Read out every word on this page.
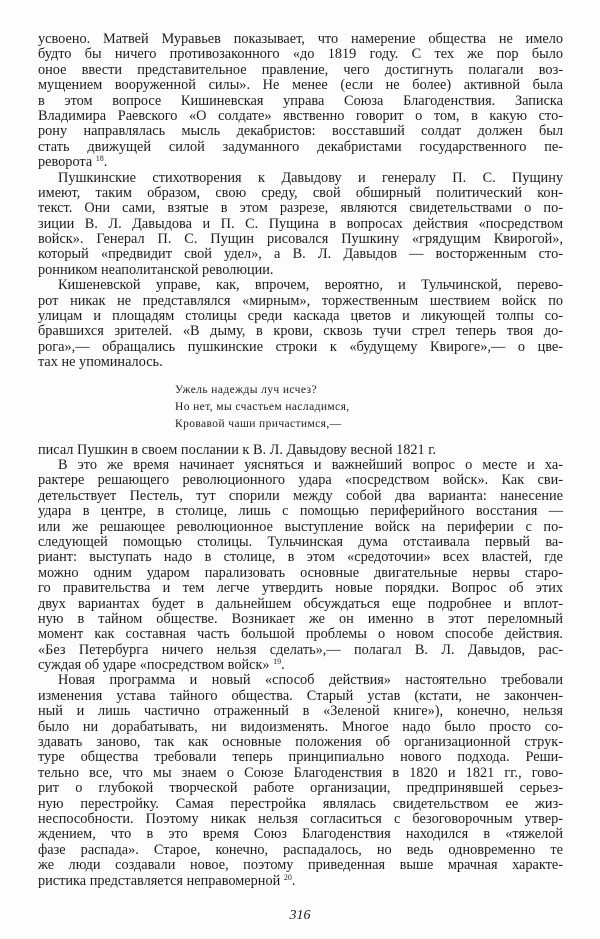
усвоено. Матвей Муравьев показывает, что намерение общества не имело
будто бы ничего противозаконного «до 1819 году. С тех же пор было
оное ввести представительное правление, чего достигнуть полагали воз-
мущением вооруженной силы». Не менее (если не более) активной была
в этом вопросе Кишиневская управа Союза Благоденствия. Записка
Владимира Раевского «О солдате» явственно говорит о том, в какую сто-
рону направлялась мысль декабристов: восставший солдат должен был
стать движущей силой задуманного декабристами государственного пе-
реворота $^{18}$.
Пушкинские стихотворения к Давыдову и генералу П. С. Пущину
имеют, таким образом, свою среду, свой обширный политический кон-
текст. Они сами, взятые в этом разрезе, являются свидетельствами о по-
зиции В. Л. Давыдова и П. С. Пущина в вопросах действия «посредством
войск». Генерал П. С. Пущин рисовался Пушкину «грядущим Квирогой»,
который «предвидит свой удел», а В. Л. Давыдов — восторженным сто-
ронником неаполитанской революции.
Кишеневской управе, как, впрочем, вероятно, и Тульчинской, перево-
рот никак не представлялся «мирным», торжественным шествием войск по
улицам и площадям столицы среди каскада цветов и ликующей толпы со-
бравшихся зрителей. «В дыму, в крови, сквозь тучи стрел теперь твоя до-
рога»,— обращались пушкинские строки к «будущему Квироге»,— о цве-
тах не упоминалось.
Ужель надежды луч исчез?
Но нет, мы счастьем насладимся,
Кровавой чаши причастимся,—
писал Пушкин в своем послании к В. Л. Давыдову весной 1821 г.
В это же время начинает уясняться и важнейший вопрос о месте и ха-
рактере решающего революционного удара «посредством войск». Как сви-
детельствует Пестель, тут спорили между собой два варианта: нанесение
удара в центре, в столице, лишь с помощью периферийного восстания —
или же решающее революционное выступление войск на периферии с по-
следующей помощью столицы. Тульчинская дума отстаивала первый ва-
риант: выступать надо в столице, в этом «средоточии» всех властей, где
можно одним ударом парализовать основные двигательные нервы старо-
го правительства и тем легче утвердить новые порядки. Вопрос об этих
двух вариантах будет в дальнейшем обсуждаться еще подробнее и вплот-
ную в тайном обществе. Возникает же он именно в этот переломный
момент как составная часть большой проблемы о новом способе действия.
«Без Петербурга ничего нельзя сделать»,— полагал В. Л. Давыдов, рас-
суждая об ударе «посредством войск» $^{19}$.
Новая программа и новый «способ действия» настоятельно требовали
изменения устава тайного общества. Старый устав (кстати, не закончен-
ный и лишь частично отраженный в «Зеленой книге»), конечно, нельзя
было ни дорабатывать, ни видоизменять. Многое надо было просто со-
здавать заново, так как основные положения об организационной струк-
туре общества требовали теперь принципиально нового подхода. Реши-
тельно все, что мы знаем о Союзе Благоденствия в 1820 и 1821 гг., гово-
рит о глубокой творческой работе организации, предпринявшей серьез-
ную перестройку. Самая перестройка являлась свидетельством ее жиз-
неспособности. Поэтому никак нельзя согласиться с безоговорочным утвер-
ждением, что в это время Союз Благоденствия находился в «тяжелой
фазе распада». Старое, конечно, распадалось, но ведь одновременно те
же люди создавали новое, поэтому приведенная выше мрачная характе-
ристика представляется неправомерной $^{20}$.
316
